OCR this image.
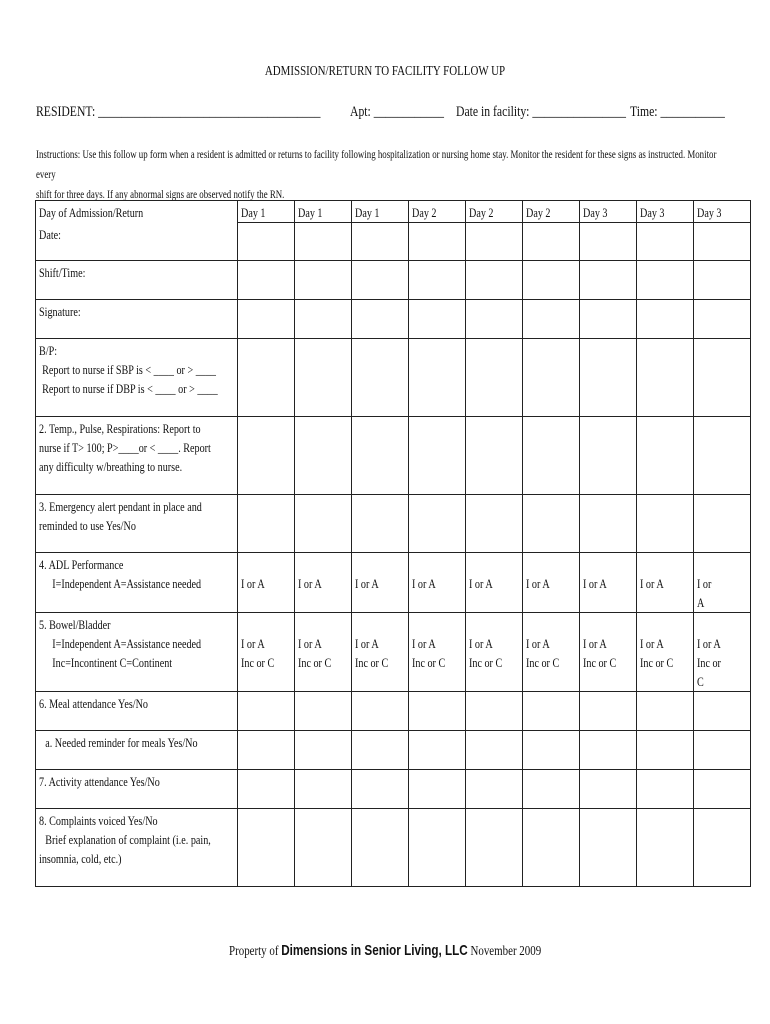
ADMISSION/RETURN TO FACILITY FOLLOW UP
RESIDENT: ______________________________________	Apt: ____________ Date in facility: ________________ Time: ___________
Instructions: Use this follow up form when a resident is admitted or returns to facility following hospitalization or nursing home stay. Monitor the resident for these signs as instructed. Monitor every
shift for three days. If any abnormal signs are observed notify the RN.
Day of Admission/Return	Day 1	Day 1	Day 1	Day 2	Day 2	Day 2	Day 3	Day 3	Day 3

Date:									

Shift/Time:									

Signature:									

B/P:
Report to nurse if SBP is < ____ or > ____
Report to nurse if DBP is < ____ or > ____									

2. Temp., Pulse, Respirations: Report to
nurse if T> 100; P>____or < ____. Report
any difficulty w/breathing to nurse.									

3. Emergency alert pendant in place and
reminded to use Yes/No									

4. ADL Performance
I=Independent A=Assistance needed	I or A	I or A	I or A	I or A	I or A	I or A	I or A	I or A	I or
A

5. Bowel/Bladder
I=Independent A=Assistance needed
Inc=Incontinent C=Continent	I or A
Inc or C	I or A
Inc or C	I or A
Inc or C	I or A
Inc or C	I or A
Inc or C	I or A
Inc or C	I or A
Inc or C	I or A
Inc or C	I or A
Inc or
C

6. Meal attendance Yes/No									

a. Needed reminder for meals Yes/No									

7. Activity attendance Yes/No									

8. Complaints voiced Yes/No
Brief explanation of complaint (i.e. pain,
insomnia, cold, etc.)									

Property of Dimensions in Senior Living, LLC November 2009
